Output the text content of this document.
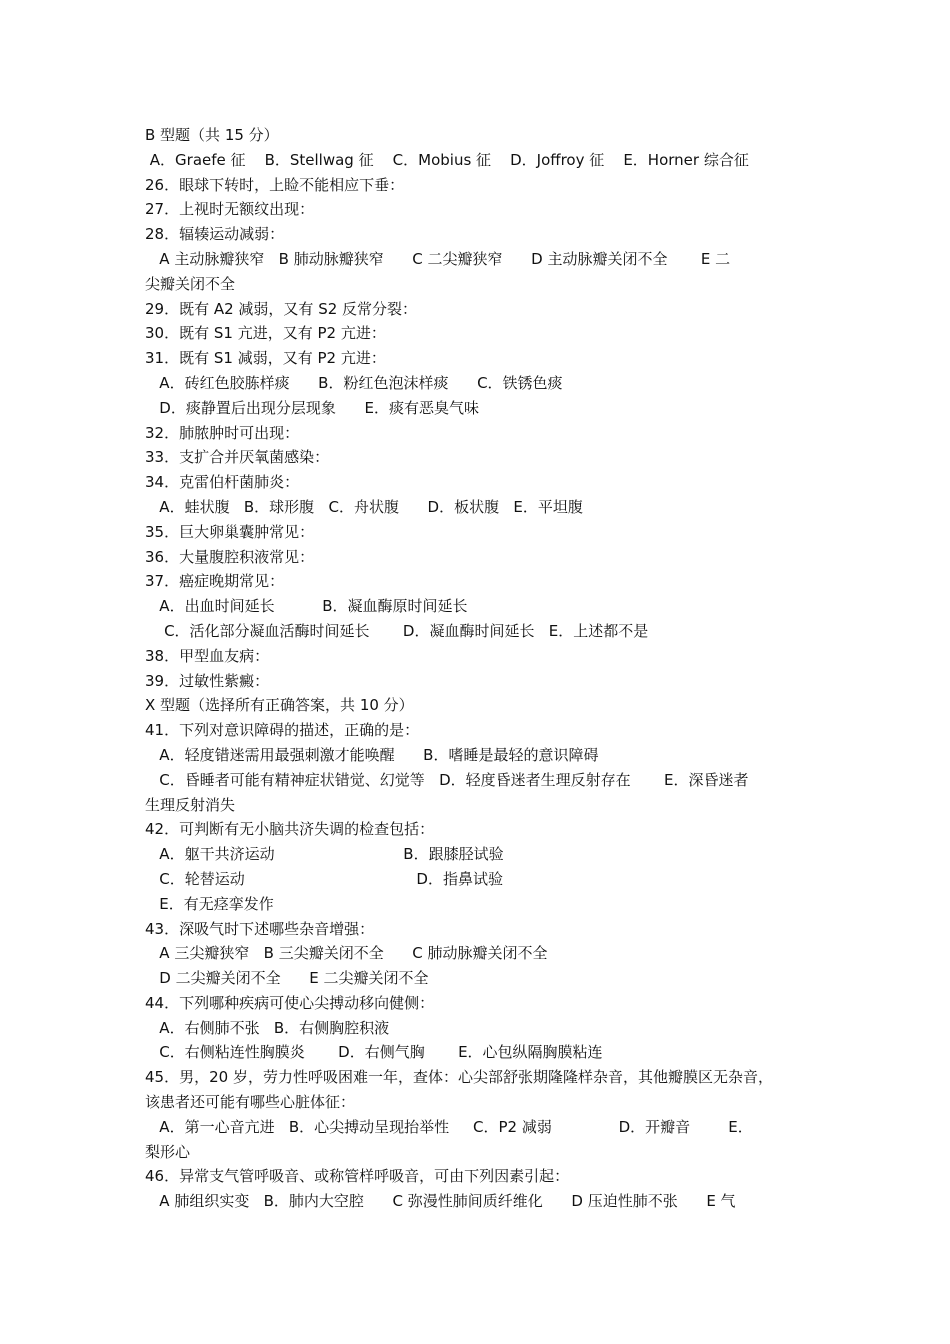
B 型题（共 15 分）
A．Graefe 征    B．Stellwag 征    C．Mobius 征    D．Joffroy 征    E．Horner 综合征
26．眼球下转时，上睑不能相应下垂：
27．上视时无额纹出现：
28．辐辏运动减弱：
A 主动脉瓣狭窄   B 肺动脉瓣狭窄      C 二尖瓣狭窄      D 主动脉瓣关闭不全       E 二
尖瓣关闭不全
29．既有 A2 减弱，又有 S2 反常分裂：
30．既有 S1 亢进，又有 P2 亢进：
31．既有 S1 减弱，又有 P2 亢进：
A．砖红色胶胨样痰      B．粉红色泡沫样痰      C．铁锈色痰
D．痰静置后出现分层现象      E．痰有恶臭气味
32．肺脓肿时可出现：
33．支扩合并厌氧菌感染：
34．克雷伯杆菌肺炎：
A．蛙状腹   B．球形腹   C．舟状腹      D．板状腹   E．平坦腹
35．巨大卵巢囊肿常见：
36．大量腹腔积液常见：
37．癌症晚期常见：
A．出血时间延长          B．凝血酶原时间延长
C．活化部分凝血活酶时间延长       D．凝血酶时间延长   E．上述都不是
38．甲型血友病：
39．过敏性紫癜：
X 型题（选择所有正确答案，共 10 分）
41．下列对意识障碍的描述，正确的是：
A．轻度错迷需用最强刺激才能唤醒      B．嗜睡是最轻的意识障碍
C．昏睡者可能有精神症状错觉、幻觉等   D．轻度昏迷者生理反射存在       E．深昏迷者
生理反射消失
42．可判断有无小脑共济失调的检查包括：
A．躯干共济运动                           B．跟膝胫试验
C．轮替运动                                    D．指鼻试验
E．有无痉挛发作
43．深吸气时下述哪些杂音增强：
A 三尖瓣狭窄   B 三尖瓣关闭不全      C 肺动脉瓣关闭不全
D 二尖瓣关闭不全      E 二尖瓣关闭不全
44．下列哪种疾病可使心尖搏动移向健侧：
A．右侧肺不张   B．右侧胸腔积液
C．右侧粘连性胸膜炎       D．右侧气胸       E．心包纵隔胸膜粘连
45．男，20 岁，劳力性呼吸困难一年，查体：心尖部舒张期隆隆样杂音，其他瓣膜区无杂音，
该患者还可能有哪些心脏体征：
A．第一心音亢进   B．心尖搏动呈现抬举性     C．P2 减弱              D．开瓣音        E．
梨形心
46．异常支气管呼吸音、或称管样呼吸音，可由下列因素引起：
A 肺组织实变   B．肺内大空腔      C 弥漫性肺间质纤维化      D 压迫性肺不张      E 气
